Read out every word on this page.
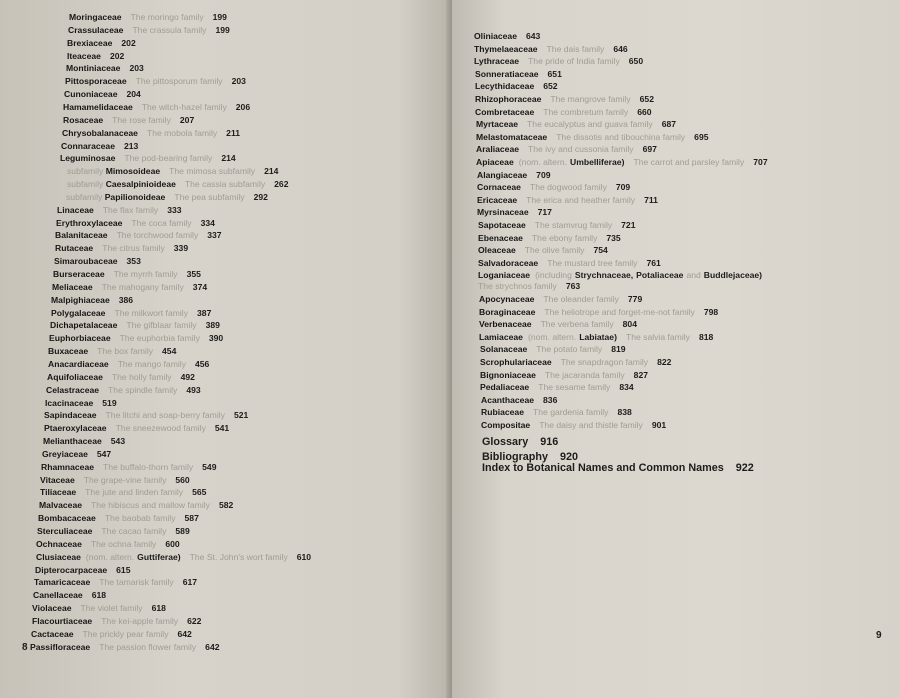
Moringaceae The moringo family 199
Crassulaceae The crassula family 199
Brexiaceae 202
Iteaceae 202
Montiniaceae 203
Pittosporaceae The pittosporum family 203
Cunoniaceae 204
Hamamelidaceae The witch-hazel family 206
Rosaceae The rose family 207
Chrysobalanaceae The mobola family 211
Connaraceae 213
Leguminosae The pod-bearing family 214
subfamily Mimosoideae The mimosa subfamily 214
subfamily Caesalpinioideae The cassia subfamily 262
subfamily Papilionoideae The pea subfamily 292
Linaceae The flax family 333
Erythroxylaceae The coca family 334
Balanitaceae The torchwood family 337
Rutaceae The citrus family 339
Simaroubaceae 353
Burseraceae The myrrh family 355
Meliaceae The mahogany family 374
Malpighiaceae 386
Polygalaceae The milkwort family 387
Dichapetalaceae The gifblaar family 389
Euphorbiaceae The euphorbia family 390
Buxaceae The box family 454
Anacardiaceae The mango family 456
Aquifoliaceae The holly family 492
Celastraceae The spindle family 493
Icacinaceae 519
Sapindaceae The litchi and soap-berry family 521
Ptaeroxylaceae The sneezewood family 541
Melianthaceae 543
Greyiaceae 547
Rhamnaceae The buffalo-thorn family 549
Vitaceae The grape-vine family 560
Tiliaceae The jute and linden family 565
Malvaceae The hibiscus and mallow family 582
Bombacaceae The baobab family 587
Sterculiaceae The cacao family 589
Ochnaceae The ochna family 600
Clusiaceae (nom. altern. Guttiferae) The St. John's wort family 610
Dipterocarpaceae 615
Tamaricaceae The tamarisk family 617
Canellaceae 618
Violaceae The violet family 618
Flacourtiaceae The kei-apple family 622
Cactaceae The prickly pear family 642
Passifloraceae The passion flower family 642
8
Oliniaceae 643
Thymelaeaceae The dais family 646
Lythraceae The pride of India family 650
Sonneratiaceae 651
Lecythidaceae 652
Rhizophoraceae The mangrove family 652
Combretaceae The combretum family 660
Myrtaceae The eucalyptus and guava family 687
Melastomataceae The dissotis and tibouchina family 695
Araliaceae The ivy and cussonia family 697
Apiaceae (nom. altern. Umbelliferae) The carrot and parsley family 707
Alangiaceae 709
Cornaceae The dogwood family 709
Ericaceae The erica and heather family 711
Myrsinaceae 717
Sapotaceae The stamvrug family 721
Ebenaceae The ebony family 735
Oleaceae The olive family 754
Salvadoraceae The mustard tree family 761
Loganiaceae (including Strychnaceae, Potaliaceae and Buddlejaceae)
The strychnos family 763
Apocynaceae The oleander family 779
Boraginaceae The heliotrope and forget-me-not family 798
Verbenaceae The verbena family 804
Lamiaceae (nom. altern. Labiatae) The salvia family 818
Solanaceae The potato family 819
Scrophulariaceae The snapdragon family 822
Bignoniaceae The jacaranda family 827
Pedaliaceae The sesame family 834
Acanthaceae 836
Rubiaceae The gardenia family 838
Compositae The daisy and thistle family 901
Glossary 916
Bibliography 920
Index to Botanical Names and Common Names 922
9
